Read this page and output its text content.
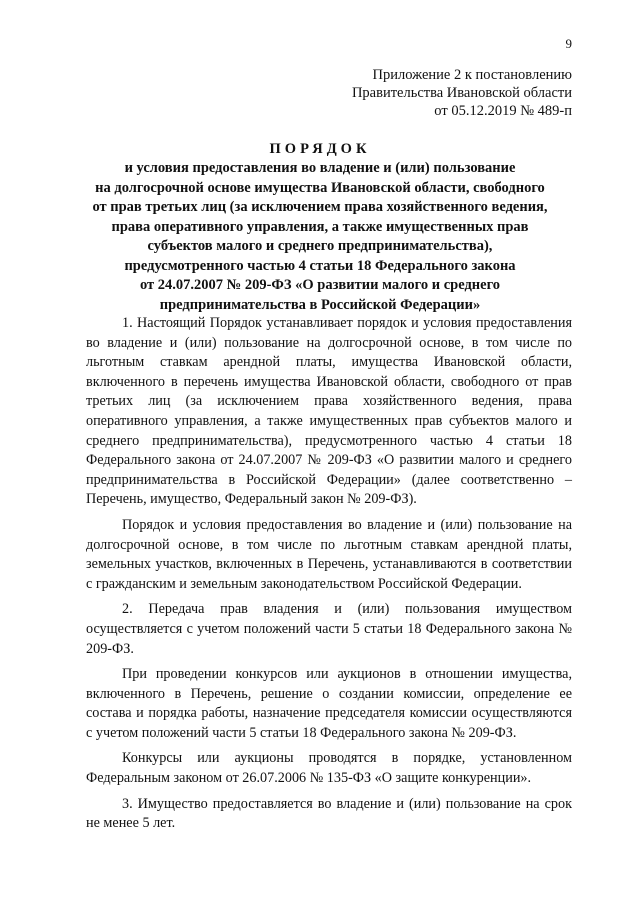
9
Приложение 2 к постановлению
Правительства Ивановской области
от 05.12.2019 № 489-п
ПОРЯДОК
и условия предоставления во владение и (или) пользование
на долгосрочной основе имущества Ивановской области, свободного
от прав третьих лиц (за исключением права хозяйственного ведения,
права оперативного управления, а также имущественных прав
субъектов малого и среднего предпринимательства),
предусмотренного частью 4 статьи 18 Федерального закона
от 24.07.2007 № 209-ФЗ «О развитии малого и среднего
предпринимательства в Российской Федерации»

1. Настоящий Порядок устанавливает порядок и условия предоставления во владение и (или) пользование на долгосрочной основе, в том числе по льготным ставкам арендной платы, имущества Ивановской области, включенного в перечень имущества Ивановской области, свободного от прав третьих лиц (за исключением права хозяйственного ведения, права оперативного управления, а также имущественных прав субъектов малого и среднего предпринимательства), предусмотренного частью 4 статьи 18 Федерального закона от 24.07.2007 № 209-ФЗ «О развитии малого и среднего предпринимательства в Российской Федерации» (далее соответственно – Перечень, имущество, Федеральный закон № 209-ФЗ).

Порядок и условия предоставления во владение и (или) пользование на долгосрочной основе, в том числе по льготным ставкам арендной платы, земельных участков, включенных в Перечень, устанавливаются в соответствии с гражданским и земельным законодательством Российской Федерации.

2. Передача прав владения и (или) пользования имуществом осуществляется с учетом положений части 5 статьи 18 Федерального закона № 209-ФЗ.

При проведении конкурсов или аукционов в отношении имущества, включенного в Перечень, решение о создании комиссии, определение ее состава и порядка работы, назначение председателя комиссии осуществляются с учетом положений части 5 статьи 18 Федерального закона № 209-ФЗ.

Конкурсы или аукционы проводятся в порядке, установленном Федеральным законом от 26.07.2006 № 135-ФЗ «О защите конкуренции».

3. Имущество предоставляется во владение и (или) пользование на срок не менее 5 лет.
